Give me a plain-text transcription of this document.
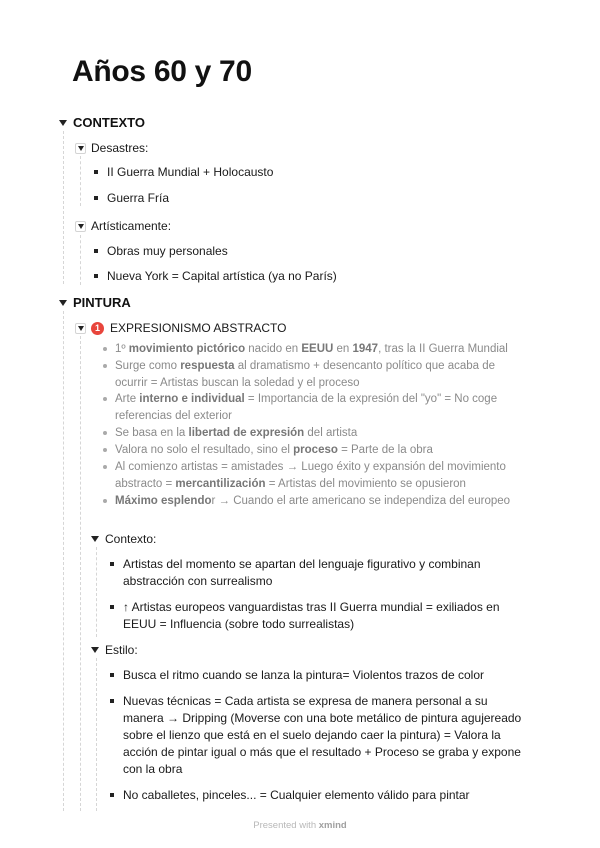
Años 60 y 70
CONTEXTO
Desastres:
II Guerra Mundial + Holocausto
Guerra Fría
Artísticamente:
Obras muy personales
Nueva York = Capital artística (ya no París)
PINTURA
1 EXPRESIONISMO ABSTRACTO
1º movimiento pictórico nacido en EEUU en 1947, tras la II Guerra Mundial
Surge como respuesta al dramatismo + desencanto político que acaba de
ocurrir = Artistas buscan la soledad y el proceso
Arte interno e individual = Importancia de la expresión del "yo" = No coge
referencias del exterior
Se basa en la libertad de expresión del artista
Valora no solo el resultado, sino el proceso = Parte de la obra
Al comienzo artistas = amistades → Luego éxito y expansión del movimiento
abstracto = mercantilización = Artistas del movimiento se opusieron
Máximo esplendor → Cuando el arte americano se independiza del europeo
Contexto:
Artistas del momento se apartan del lenguaje figurativo y combinan
abstracción con surrealismo
↑ Artistas europeos vanguardistas tras II Guerra mundial = exiliados en
EEUU = Influencia (sobre todo surrealistas)
Estilo:
Busca el ritmo cuando se lanza la pintura= Violentos trazos de color
Nuevas técnicas = Cada artista se expresa de manera personal a su
manera → Dripping (Moverse con una bote metálico de pintura agujereado
sobre el lienzo que está en el suelo dejando caer la pintura) = Valora la
acción de pintar igual o más que el resultado + Proceso se graba y expone
con la obra
No caballetes, pinceles... = Cualquier elemento válido para pintar
Presented with xmind
